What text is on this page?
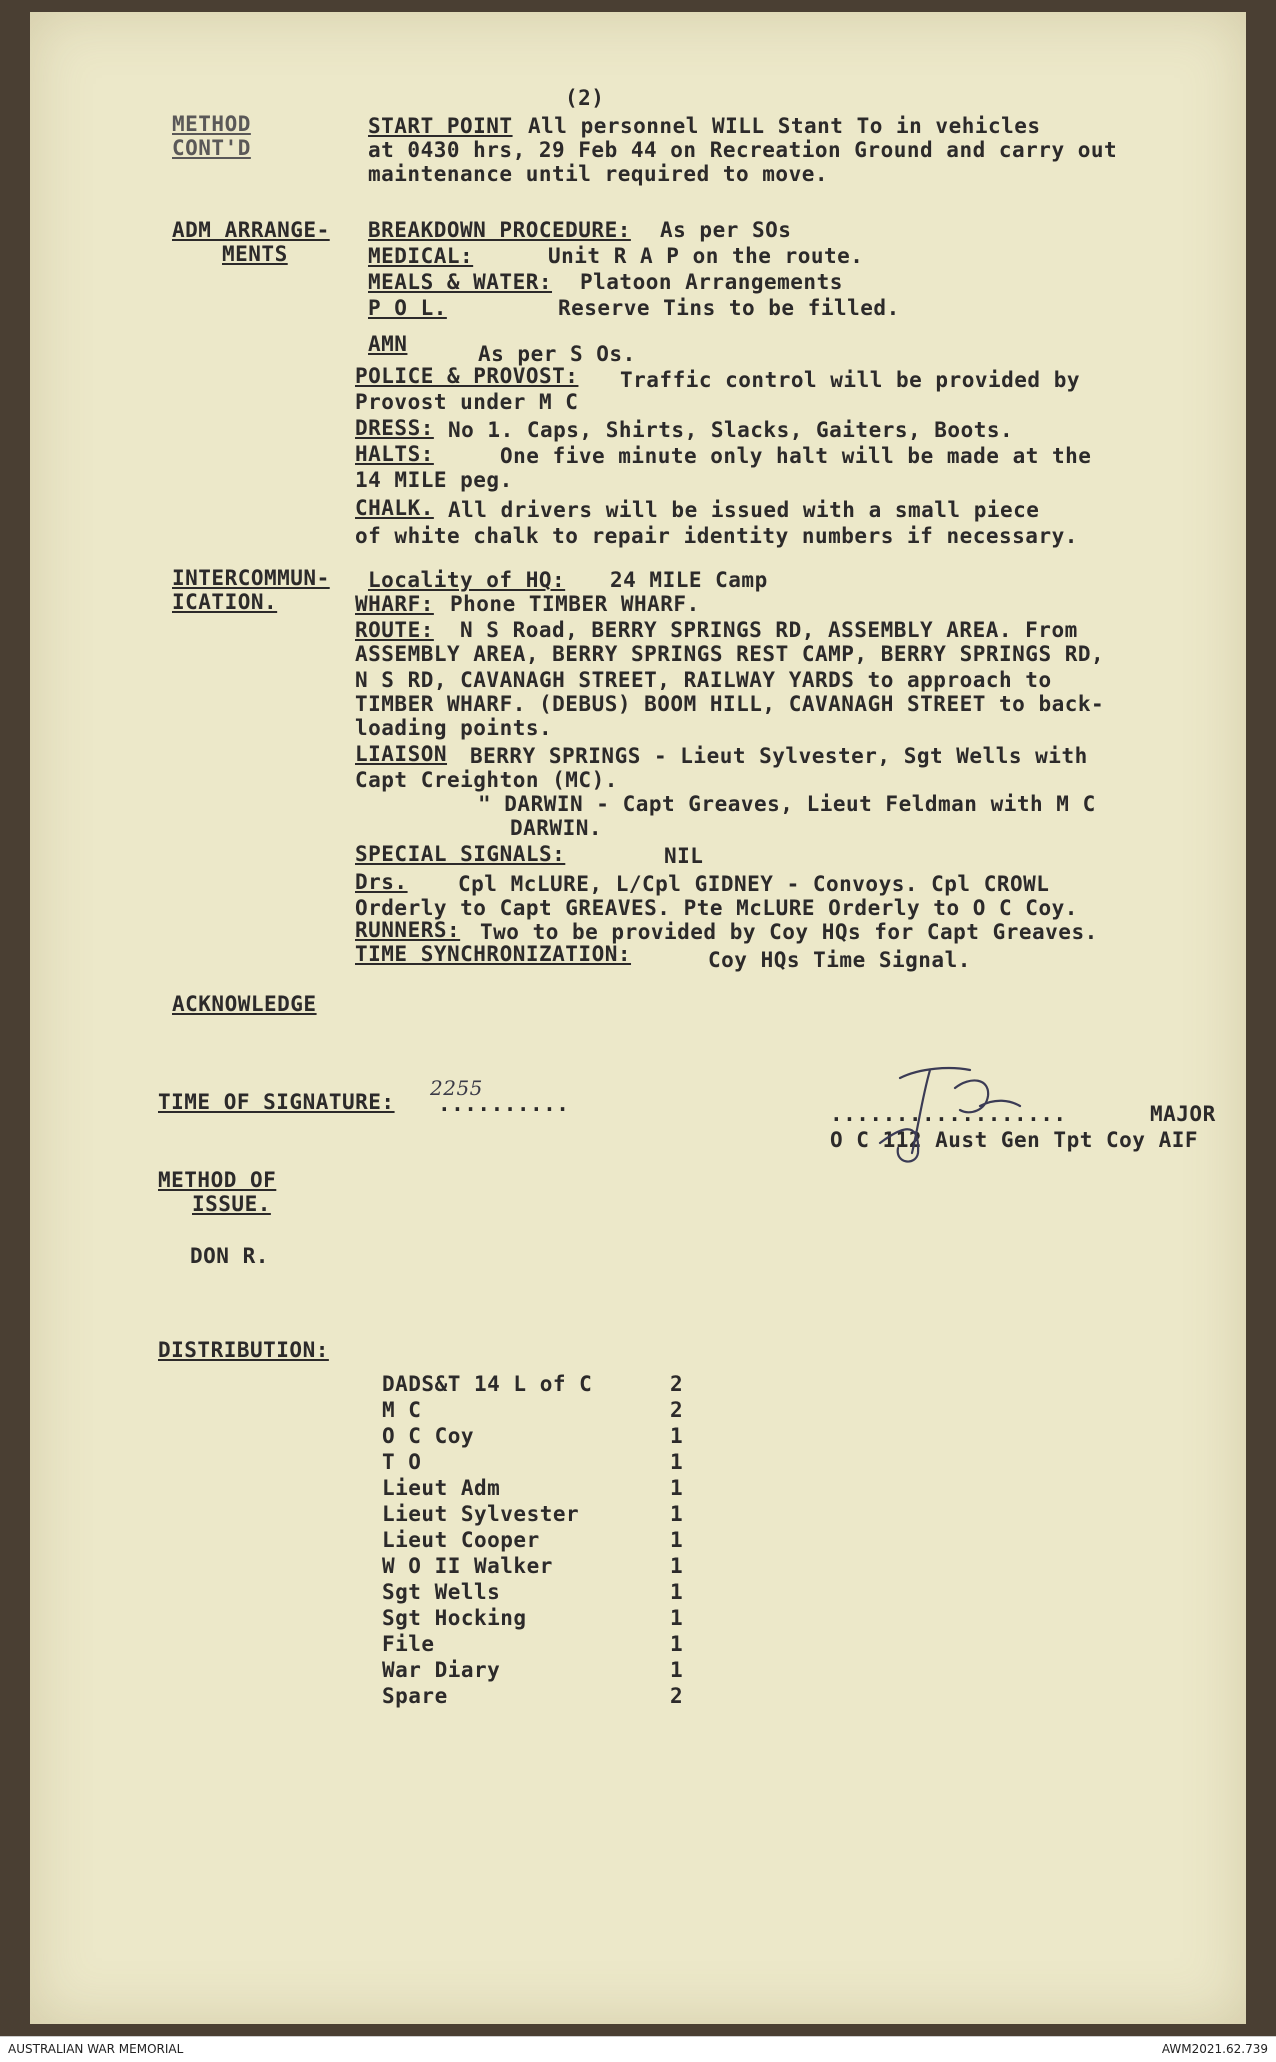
(2)
METHOD
CONT'D
START POINT All personnel WILL Stant To in vehicles
at 0430 hrs, 29 Feb 44 on Recreation Ground and carry out
maintenance until required to move.
ADM ARRANGE-
MENTS
BREAKDOWN PROCEDURE: As per SOs
MEDICAL:	Unit R A P on the route.
MEALS & WATER: Platoon Arrangements
P O L.	Reserve Tins to be filled.
AMN	As per S Os.
POLICE & PROVOST: Traffic control will be provided by
Provost under M C
DRESS: No 1. Caps, Shirts, Slacks, Gaiters, Boots.
HALTS:	One five minute only halt will be made at the
14 MILE peg.
CHALK. All drivers will be issued with a small piece
of white chalk to repair identity numbers if necessary.
INTERCOMMUN-
ICATION.
Locality of HQ: 24 MILE Camp
WHARF: Phone TIMBER WHARF.
ROUTE: N S Road, BERRY SPRINGS RD, ASSEMBLY AREA. From
ASSEMBLY AREA, BERRY SPRINGS REST CAMP, BERRY SPRINGS RD,
N S RD, CAVANAGH STREET, RAILWAY YARDS to approach to
TIMBER WHARF. (DEBUS) BOOM HILL, CAVANAGH STREET to back-
loading points.
LIAISON BERRY SPRINGS - Lieut Sylvester, Sgt Wells with
Capt Creighton (MC).
" DARWIN - Capt Greaves, Lieut Feldman with M C
DARWIN.
SPECIAL SIGNALS:	NIL
Drs. Cpl McLURE, L/Cpl GIDNEY - Convoys. Cpl CROWL
Orderly to Capt GREAVES. Pte McLURE Orderly to O C Coy.
RUNNERS: Two to be provided by Coy HQs for Capt Greaves.
TIME SYNCHRONIZATION:	Coy HQs Time Signal.
ACKNOWLEDGE
TIME OF SIGNATURE:
2255
..........	..................	MAJOR
O C 112 Aust Gen Tpt Coy AIF
METHOD OF
ISSUE.
DON R.
DISTRIBUTION:
DADS&T 14 L of C	2
M C	2
O C Coy	1
T O	1
Lieut Adm	1
Lieut Sylvester	1
Lieut Cooper	1
W O II Walker	1
Sgt Wells	1
Sgt Hocking	1
File	1
War Diary	1
Spare	2
AUSTRALIAN WAR MEMORIAL	AWM2021.62.739
